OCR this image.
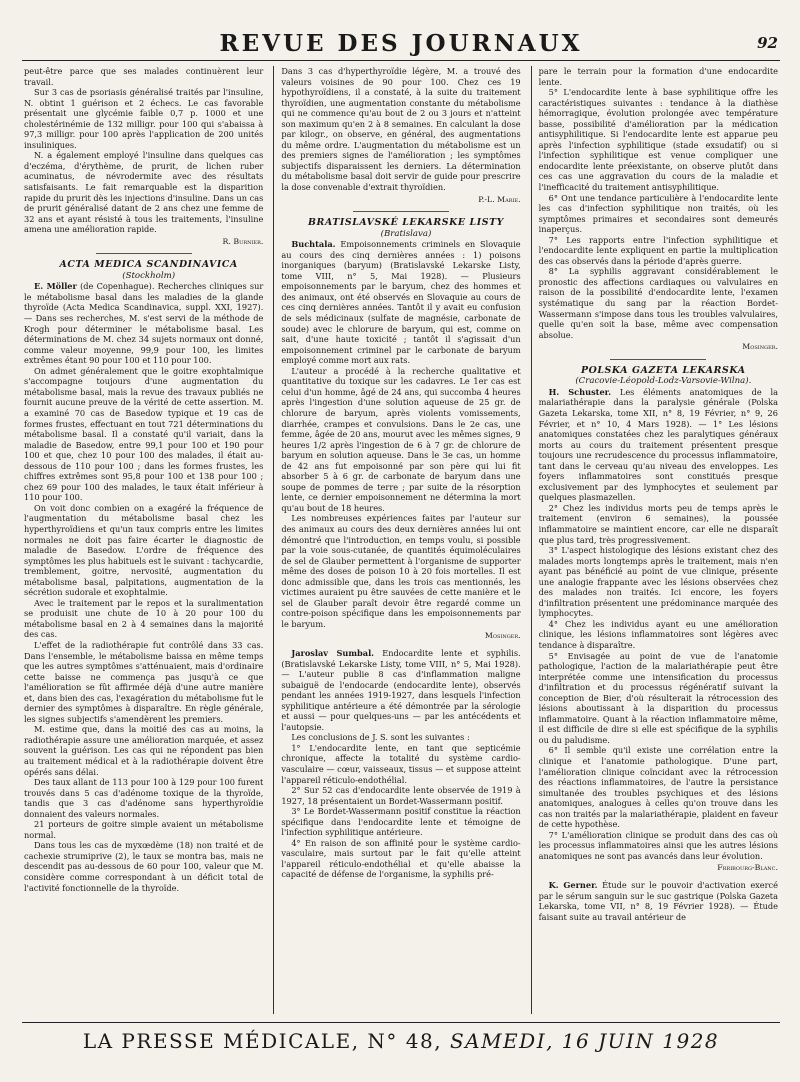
REVUE DES JOURNAUX	92

peut-être parce que ses malades continuèrent leur travail.

Sur 3 cas de psoriasis généralisé traités par l'insuline, N. obtint 1 guérison et 2 échecs. Le cas favorable présentait une glycémie faible 0,7 p. 1000 et une cholestérinémie de 132 milligr. pour 100 qui s'abaissa à 97,3 milligr. pour 100 après l'application de 200 unités insuliniques.

N. a également employé l'insuline dans quelques cas d'eczéma, d'érythème, de prurit, de lichen ruber acuminatus, de névrodermite avec des résultats satisfaisants. Le fait remarquable est la disparition rapide du prurit dès les injections d'insuline. Dans un cas de prurit généralisé datant de 2 ans chez une femme de 32 ans et ayant résisté à tous les traitements, l'insuline amena une amélioration rapide.

R. Burnier.

ACTA MEDICA SCANDINAVICA

(Stockholm)

E. Möller (de Copenhague). Recherches cliniques sur le métabolisme basal dans les maladies de la glande thyroïde (Acta Medica Scandinavica, suppl. XXI, 1927). — Dans ses recherches, M. s'est servi de la méthode de Krogh pour déterminer le métabolisme basal. Les déterminations de M. chez 34 sujets normaux ont donné, comme valeur moyenne, 99,9 pour 100, les limites extrêmes étant 90 pour 100 et 110 pour 100.

On admet généralement que le goitre exophtalmique s'accompagne toujours d'une augmentation du métabolisme basal, mais la revue des travaux publiés ne fournit aucune preuve de la vérité de cette assertion. M. a examiné 70 cas de Basedow typique et 19 cas de formes frustes, effectuant en tout 721 déterminations du métabolisme basal. Il a constaté qu'il variait, dans la maladie de Basedow, entre 99,1 pour 100 et 190 pour 100 et que, chez 10 pour 100 des malades, il était au-dessous de 110 pour 100 ; dans les formes frustes, les chiffres extrêmes sont 95,8 pour 100 et 138 pour 100 ; chez 69 pour 100 des malades, le taux était inférieur à 110 pour 100.

On voit donc combien on a exagéré la fréquence de l'augmentation du métabolisme basal chez les hyperthyroïdiens et qu'un taux compris entre les limites normales ne doit pas faire écarter le diagnostic de maladie de Basedow. L'ordre de fréquence des symptômes les plus habituels est le suivant : tachycardie, tremblement, goitre, nervosité, augmentation du métabolisme basal, palpitations, augmentation de la sécrétion sudorale et exophtalmie.

Avec le traitement par le repos et la suralimentation se produisit une chute de 10 à 20 pour 100 du métabolisme basal en 2 à 4 semaines dans la majorité des cas.

L'effet de la radiothérapie fut contrôlé dans 33 cas. Dans l'ensemble, le métabolisme baissa en même temps que les autres symptômes s'atténuaient, mais d'ordinaire cette baisse ne commença pas jusqu'à ce que l'amélioration se fût affirmée déjà d'une autre manière et, dans bien des cas, l'exagération du métabolisme fut le dernier des symptômes à disparaître. En règle générale, les signes subjectifs s'amendèrent les premiers.

M. estime que, dans la moitié des cas au moins, la radiothérapie assure une amélioration marquée, et assez souvent la guérison. Les cas qui ne répondent pas bien au traitement médical et à la radiothérapie doivent être opérés sans délai.

Des taux allant de 113 pour 100 à 129 pour 100 furent trouvés dans 5 cas d'adénome toxique de la thyroïde, tandis que 3 cas d'adénome sans hyperthyroïdie donnaient des valeurs normales.

21 porteurs de goitre simple avaient un métabolisme normal.

Dans tous les cas de myxœdème (18) non traité et de cachexie strumiprive (2), le taux se montra bas, mais ne descendit pas au-dessous de 60 pour 100, valeur que M. considère comme correspondant à un déficit total de l'activité fonctionnelle de la thyroïde.

Dans 3 cas d'hyperthyroïdie légère, M. a trouvé des valeurs voisines de 90 pour 100. Chez ces 19 hypothyroïdiens, il a constaté, à la suite du traitement thyroïdien, une augmentation constante du métabolisme qui ne commence qu'au bout de 2 ou 3 jours et n'atteint son maximum qu'en 2 à 8 semaines. En calculant la dose par kilogr., on observe, en général, des augmentations du même ordre. L'augmentation du métabolisme est un des premiers signes de l'amélioration ; les symptômes subjectifs disparaissent les derniers. La détermination du métabolisme basal doit servir de guide pour prescrire la dose convenable d'extrait thyroïdien.

P.-L. Marie.

BRATISLAVSKÉ LEKARSKE LISTY

(Bratislava)

Buchtala. Empoisonnements criminels en Slovaquie au cours des cinq dernières années : 1) poisons inorganiques (baryum) (Bratislavské Lekarske Listy, tome VIII, n° 5, Mai 1928). — Plusieurs empoisonnements par le baryum, chez des hommes et des animaux, ont été observés en Slovaquie au cours de ces cinq dernières années. Tantôt il y avait eu confusion de sels médicinaux (sulfate de magnésie, carbonate de soude) avec le chlorure de baryum, qui est, comme on sait, d'une haute toxicité ; tantôt il s'agissait d'un empoisonnement criminel par le carbonate de baryum employé comme mort aux rats.

L'auteur a procédé à la recherche qualitative et quantitative du toxique sur les cadavres. Le 1er cas est celui d'un homme, âgé de 24 ans, qui succomba 4 heures après l'ingestion d'une solution aqueuse de 25 gr. de chlorure de baryum, après violents vomissements, diarrhée, crampes et convulsions. Dans le 2e cas, une femme, âgée de 20 ans, mourut avec les mêmes signes, 9 heures 1/2 après l'ingestion de 6 à 7 gr. de chlorure de baryum en solution aqueuse. Dans le 3e cas, un homme de 42 ans fut empoisonné par son père qui lui fit absorber 5 à 6 gr. de carbonate de baryum dans une soupe de pommes de terre ; par suite de la résorption lente, ce dernier empoisonnement ne détermina la mort qu'au bout de 18 heures.

Les nombreuses expériences faites par l'auteur sur des animaux au cours des deux dernières années lui ont démontré que l'introduction, en temps voulu, si possible par la voie sous-cutanée, de quantités équimoléculaires de sel de Glauber permettent à l'organisme de supporter même des doses de poison 10 à 20 fois mortelles. Il est donc admissible que, dans les trois cas mentionnés, les victimes auraient pu être sauvées de cette manière et le sel de Glauber paraît devoir être regardé comme un contre-poison spécifique dans les empoisonnements par le baryum.

Mosinger.

Jaroslav Sumbal. Endocardite lente et syphilis. (Bratislavské Lekarske Listy, tome VIII, n° 5, Mai 1928). — L'auteur publie 8 cas d'inflammation maligne subaiguë de l'endocarde (endocardite lente), observés pendant les années 1919-1927, dans lesquels l'infection syphilitique antérieure a été démontrée par la sérologie et aussi — pour quelques-uns — par les antécédents et l'autopsie.

Les conclusions de J. S. sont les suivantes :

1° L'endocardite lente, en tant que septicémie chronique, affecte la totalité du système cardio-vasculaire — cœur, vaisseaux, tissus — et suppose atteint l'appareil réticulo-endothélial.

2° Sur 52 cas d'endocardite lente observée de 1919 à 1927, 18 présentaient un Bordet-Wassermann positif.

3° Le Bordet-Wassermann positif constitue la réaction spécifique dans l'endocardite lente et témoigne de l'infection syphilitique antérieure.

4° En raison de son affinité pour le système cardio-vasculaire, mais surtout par le fait qu'elle atteint l'appareil réticulo-endothélial et qu'elle abaisse la capacité de défense de l'organisme, la syphilis pré-

pare le terrain pour la formation d'une endocardite lente.

5° L'endocardite lente à base syphilitique offre les caractéristiques suivantes : tendance à la diathèse hémorragique, évolution prolongée avec température basse, possibilité d'amélioration par la médication antisyphilitique. Si l'endocardite lente est apparue peu après l'infection syphilitique (stade exsudatif) ou si l'infection syphilitique est venue compliquer une endocardite lente préexistante, on observe plutôt dans ces cas une aggravation du cours de la maladie et l'inefficacité du traitement antisyphilitique.

6° Ont une tendance particulière à l'endocardite lente les cas d'infection syphilitique non traités, où les symptômes primaires et secondaires sont demeurés inaperçus.

7° Les rapports entre l'infection syphilitique et l'endocardite lente expliquent en partie la multiplication des cas observés dans la période d'après guerre.

8° La syphilis aggravant considérablement le pronostic des affections cardiaques ou valvulaires en raison de la possibilité d'endocardite lente, l'examen systématique du sang par la réaction Bordet-Wassermann s'impose dans tous les troubles valvulaires, quelle qu'en soit la base, même avec compensation absolue.

Mosinger.

POLSKA GAZETA LEKARSKA

(Cracovie-Léopold-Lodz-Varsovie-Wilna).

H. Schuster. Les éléments anatomiques de la malariathérapie dans la paralysie générale (Polska Gazeta Lekarska, tome XII, n° 8, 19 Février, n° 9, 26 Février, et n° 10, 4 Mars 1928). — 1° Les lésions anatomiques constatées chez les paralytiques généraux morts au cours du traitement présentent presque toujours une recrudescence du processus inflammatoire, tant dans le cerveau qu'au niveau des enveloppes. Les foyers inflammatoires sont constitués presque exclusivement par des lymphocytes et seulement par quelques plasmazellen.

2° Chez les individus morts peu de temps après le traitement (environ 6 semaines), la poussée inflammatoire se maintient encore, car elle ne disparaît que plus tard, très progressivement.

3° L'aspect histologique des lésions existant chez des malades morts longtemps après le traitement, mais n'en ayant pas bénéficié au point de vue clinique, présente une analogie frappante avec les lésions observées chez des malades non traités. Ici encore, les foyers d'infiltration présentent une prédominance marquée des lymphocytes.

4° Chez les individus ayant eu une amélioration clinique, les lésions inflammatoires sont légères avec tendance à disparaître.

5° Envisagée au point de vue de l'anatomie pathologique, l'action de la malariathérapie peut être interprétée comme une intensification du processus d'infiltration et du processus régénératif suivant la conception de Bier, d'où résulterait la rétrocession des lésions aboutissant à la disparition du processus inflammatoire. Quant à la réaction inflammatoire même, il est difficile de dire si elle est spécifique de la syphilis ou du paludisme.

6° Il semble qu'il existe une corrélation entre la clinique et l'anatomie pathologique. D'une part, l'amélioration clinique coïncidant avec la rétrocession des réactions inflammatoires, de l'autre la persistance simultanée des troubles psychiques et des lésions anatomiques, analogues à celles qu'on trouve dans les cas non traités par la malariathérapie, plaident en faveur de cette hypothèse.

7° L'amélioration clinique se produit dans des cas où les processus inflammatoires ainsi que les autres lésions anatomiques ne sont pas avancés dans leur évolution.

Frribourg-Blanc.

K. Gerner. Étude sur le pouvoir d'activation exercé par le sérum sanguin sur le suc gastrique (Polska Gazeta Lekarska, tome VII, n° 8, 19 Février 1928). — Étude faisant suite au travail antérieur de

LA PRESSE MÉDICALE, N° 48, SAMEDI, 16 JUIN 1928
